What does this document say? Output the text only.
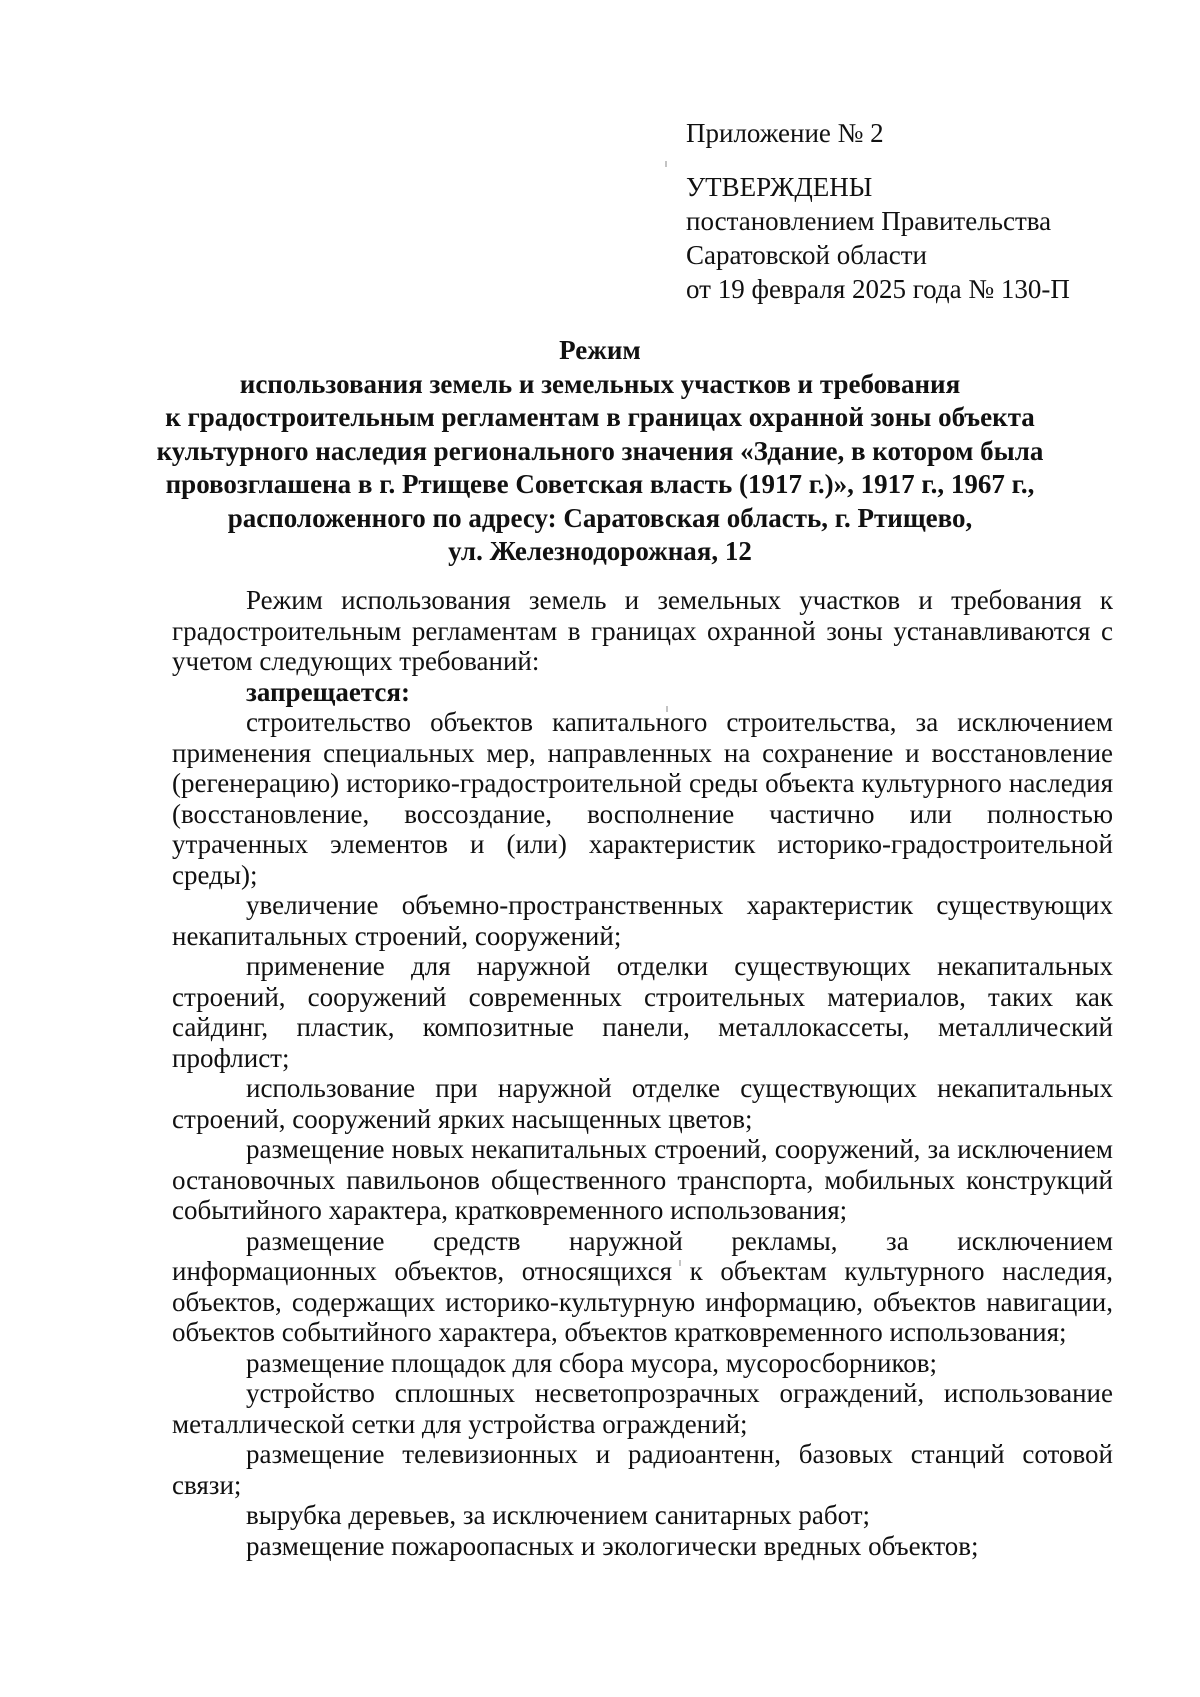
Приложение № 2
УТВЕРЖДЕНЫ
постановлением Правительства
Саратовской области
от 19 февраля 2025 года № 130-П
Режим
использования земель и земельных участков и требования
к градостроительным регламентам в границах охранной зоны объекта
культурного наследия регионального значения «Здание, в котором была
провозглашена в г. Ртищеве Советская власть (1917 г.)», 1917 г., 1967 г.,
расположенного по адресу: Саратовская область, г. Ртищево,
ул. Железнодорожная, 12

Режим использования земель и земельных участков и требования к градостроительным регламентам в границах охранной зоны устанавливаются с учетом следующих требований:

запрещается:

строительство объектов капитального строительства, за исключением применения специальных мер, направленных на сохранение и восстановление (регенерацию) историко-градостроительной среды объекта культурного наследия (восстановление, воссоздание, восполнение частично или полностью утраченных элементов и (или) характеристик историко-градостроительной среды);

увеличение объемно-пространственных характеристик существующих некапитальных строений, сооружений;

применение для наружной отделки существующих некапитальных строений, сооружений современных строительных материалов, таких как сайдинг, пластик, композитные панели, металлокассеты, металлический профлист;

использование при наружной отделке существующих некапитальных строений, сооружений ярких насыщенных цветов;

размещение новых некапитальных строений, сооружений, за исключением остановочных павильонов общественного транспорта, мобильных конструкций событийного характера, кратковременного использования;

размещение средств наружной рекламы, за исключением информационных объектов, относящихся к объектам культурного наследия, объектов, содержащих историко-культурную информацию, объектов навигации, объектов событийного характера, объектов кратковременного использования;

размещение площадок для сбора мусора, мусоросборников;

устройство сплошных несветопрозрачных ограждений, использование металлической сетки для устройства ограждений;

размещение телевизионных и радиоантенн, базовых станций сотовой связи;

вырубка деревьев, за исключением санитарных работ;

размещение пожароопасных и экологически вредных объектов;
